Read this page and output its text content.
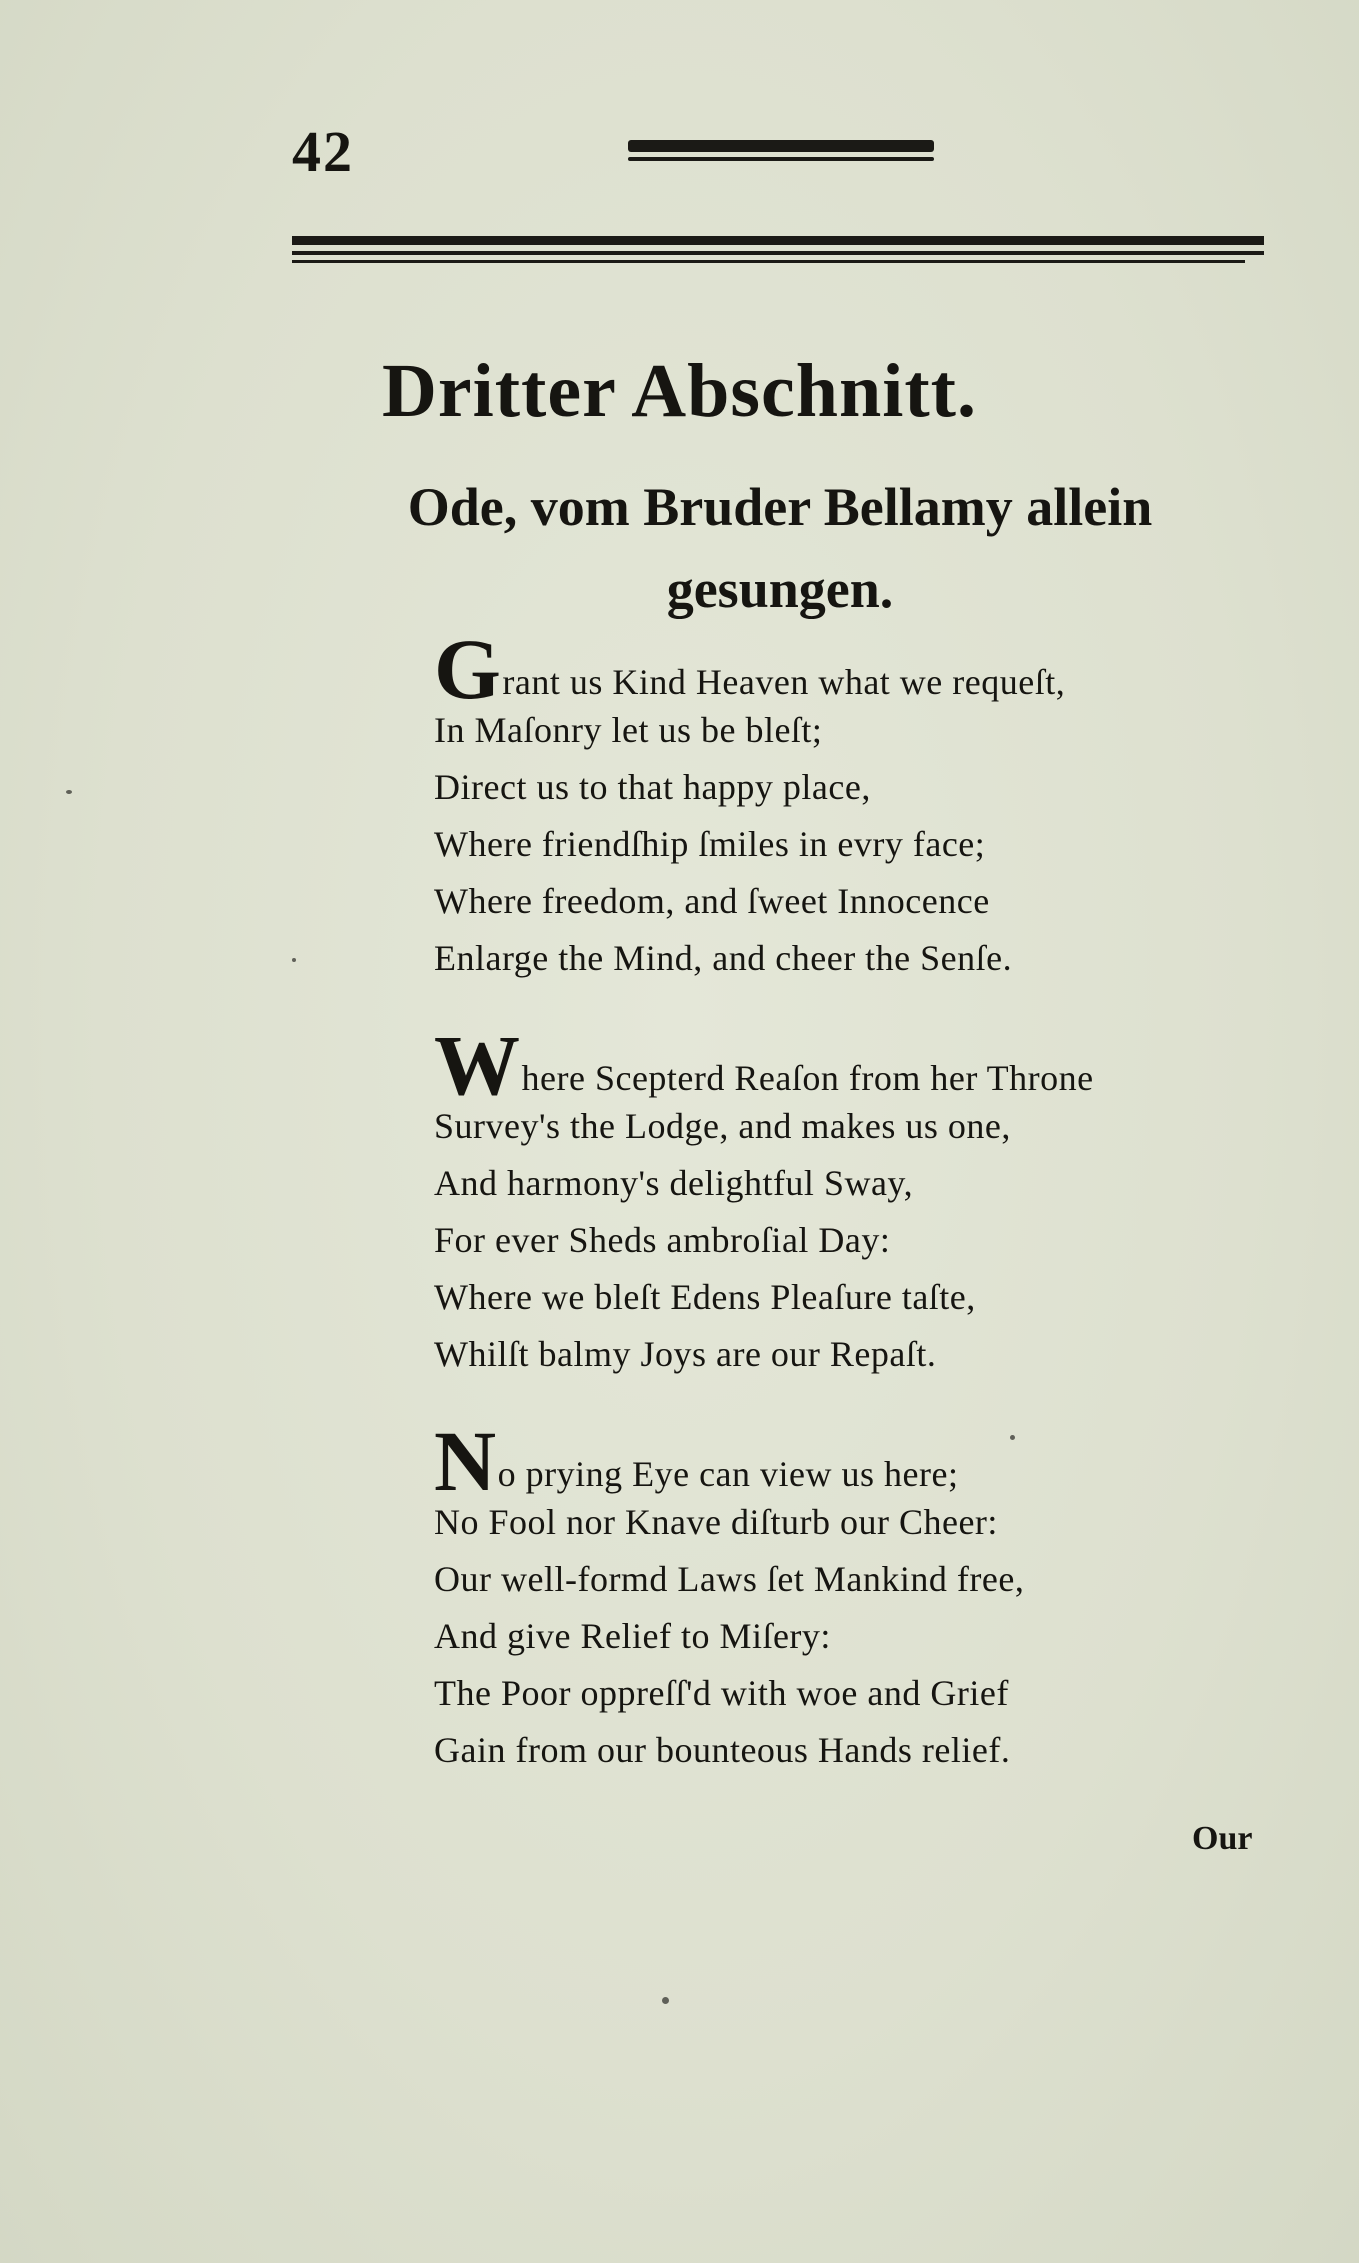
42
Dritter Abschnitt.
Ode, vom Bruder Bellamy allein
gesungen.
Grant us Kind Heaven what we requeſt,
In Maſonry let us be bleſt;
Direct us to that happy place,
Where friendſhip ſmiles in evry face;
Where freedom, and ſweet Innocence
Enlarge the Mind, and cheer the Senſe.
Where Scepterd Reaſon from her Throne
Survey's the Lodge, and makes us one,
And harmony's delightful Sway,
For ever Sheds ambroſial Day:
Where we bleſt Edens Pleaſure taſte,
Whilſt balmy Joys are our Repaſt.
No prying Eye can view us here;
No Fool nor Knave diſturb our Cheer:
Our well-formd Laws ſet Mankind free,
And give Relief to Miſery:
The Poor oppreſſ'd with woe and Grief
Gain from our bounteous Hands relief.
Our
